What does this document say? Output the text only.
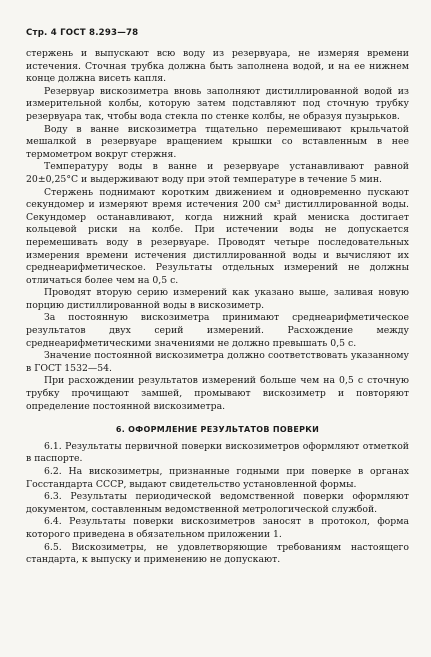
Стр. 4 ГОСТ 8.293—78

стержень и выпускают всю воду из резервуара, не измеряя времени истечения. Сточная трубка должна быть заполнена водой, и на ее нижнем конце должна висеть капля.

Резервуар вискозиметра вновь заполняют дистиллированной водой из измерительной колбы, которую затем подставляют под сточную трубку резервуара так, чтобы вода стекла по стенке колбы, не образуя пузырьков.

Воду в ванне вискозиметра тщательно перемешивают крыльчатой мешалкой в резервуаре вращением крышки со вставленным в нее термометром вокруг стержня.

Температуру воды в ванне и резервуаре устанавливают равной 20±0,25°С и выдерживают воду при этой температуре в течение 5 мин.

Стержень поднимают коротким движением и одновременно пускают секундомер и измеряют время истечения 200 см³ дистиллированной воды. Секундомер останавливают, когда нижний край мениска достигает кольцевой риски на колбе. При истечении воды не допускается перемешивать воду в резервуаре. Проводят четыре последовательных измерения времени истечения дистиллированной воды и вычисляют их среднеарифметическое. Результаты отдельных измерений не должны отличаться более чем на 0,5 с.

Проводят вторую серию измерений как указано выше, заливая новую порцию дистиллированной воды в вискозиметр.

За постоянную вискозиметра принимают среднеарифметическое результатов двух серий измерений. Расхождение между среднеарифметическими значениями не должно превышать 0,5 с.

Значение постоянной вискозиметра должно соответствовать указанному в ГОСТ 1532—54.

При расхождении результатов измерений больше чем на 0,5 с сточную трубку прочищают замшей, промывают вискозиметр и повторяют определение постоянной вискозиметра.

6. ОФОРМЛЕНИЕ РЕЗУЛЬТАТОВ ПОВЕРКИ

6.1. Результаты первичной поверки вискозиметров оформляют отметкой в паспорте.

6.2. На вискозиметры, признанные годными при поверке в органах Госстандарта СССР, выдают свидетельство установленной формы.

6.3. Результаты периодической ведомственной поверки оформляют документом, составленным ведомственной метрологической службой.

6.4. Результаты поверки вискозиметров заносят в протокол, форма которого приведена в обязательном приложении 1.

6.5. Вискозиметры, не удовлетворяющие требованиям настоящего стандарта, к выпуску и применению не допускают.
